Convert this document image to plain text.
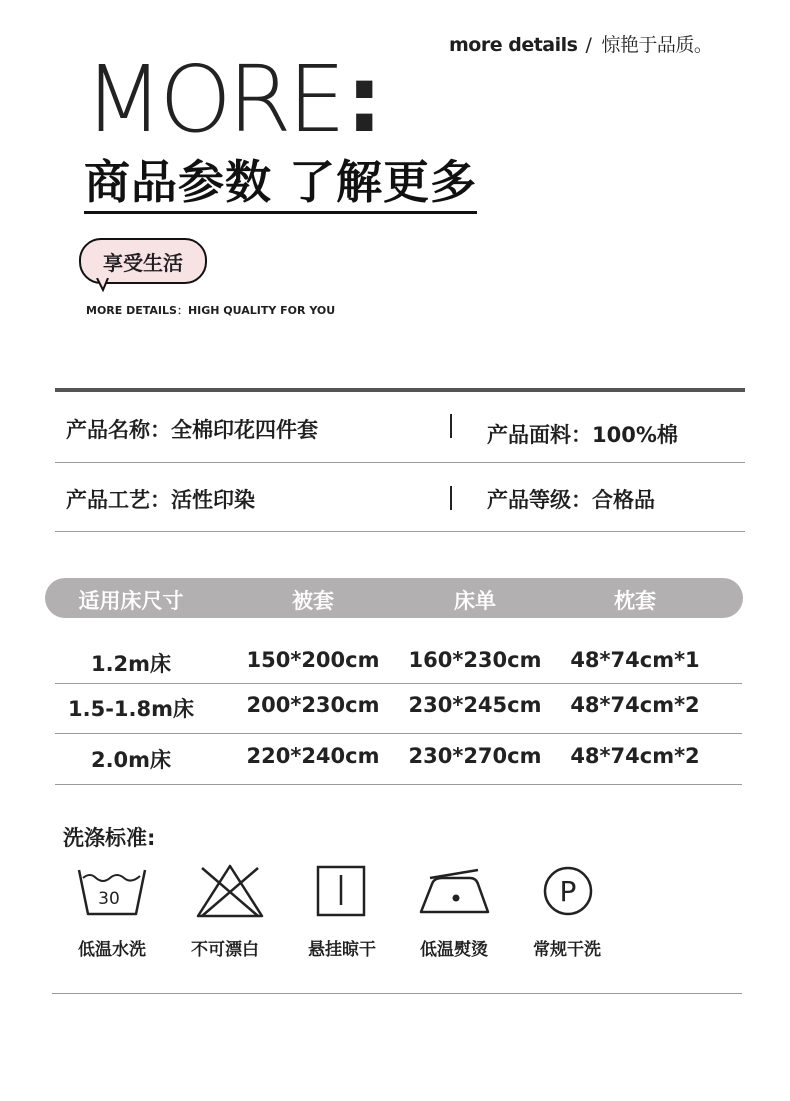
more details / 惊艳于品质。
MORE:
商品参数 了解更多
享受生活
MORE DETAILS：HIGH QUALITY FOR YOU
产品名称：全棉印花四件套	产品面料：100%棉
产品工艺：活性印染	产品等级：合格品
适用床尺寸	被套	床单	枕套
1.2m床	150*200cm 160*230cm 48*74cm*1
1.5-1.8m床	200*230cm 230*245cm 48*74cm*2
2.0m床	220*240cm 230*270cm 48*74cm*2
洗涤标准:
30	P
低温水洗	不可漂白	悬挂晾干	低温熨烫	常规干洗
